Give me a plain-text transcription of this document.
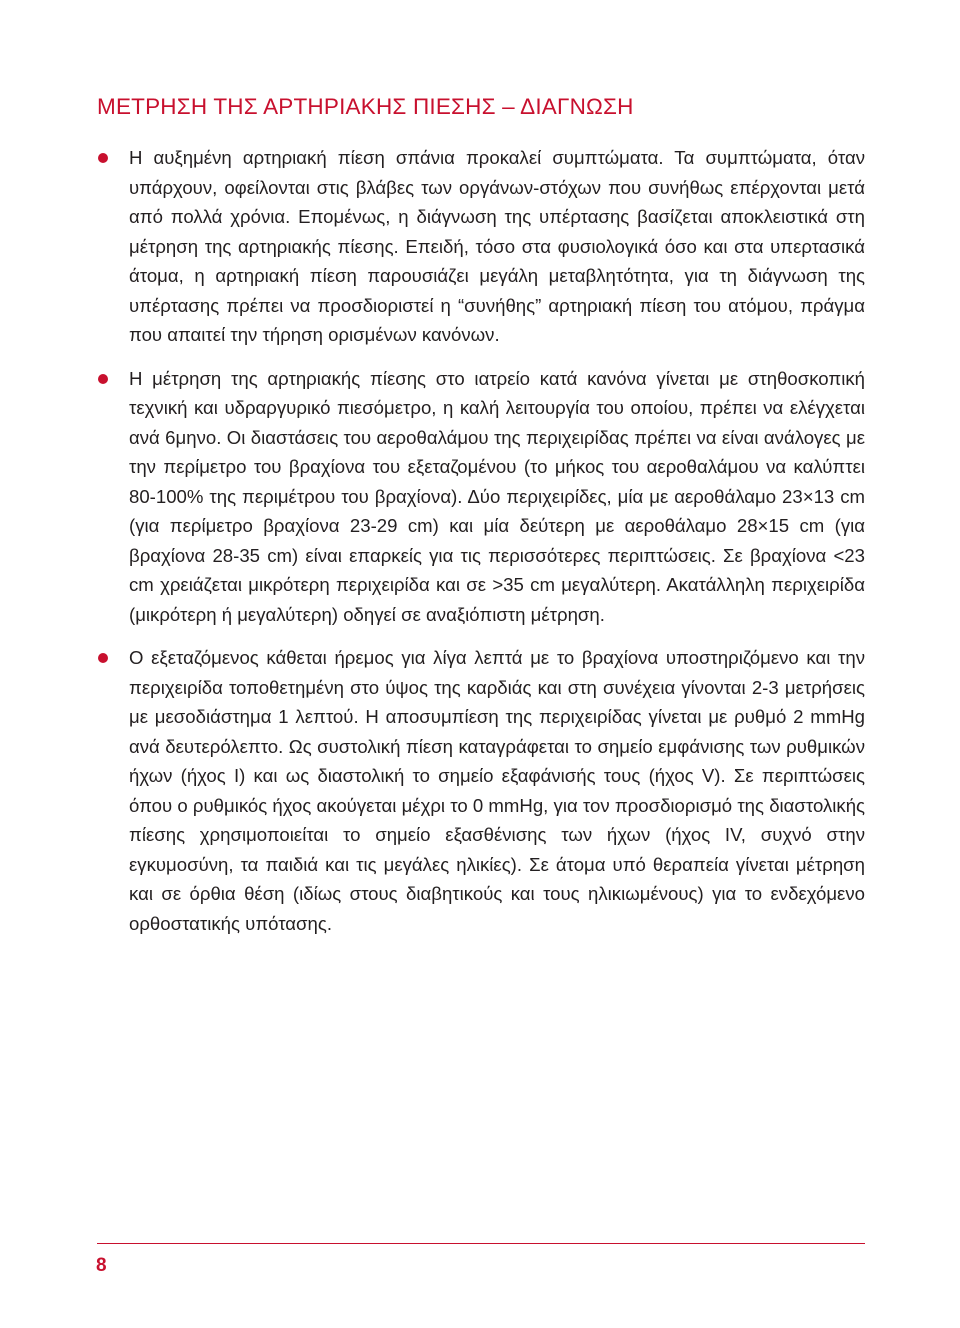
ΜΕΤΡΗΣΗ ΤΗΣ ΑΡΤΗΡΙΑΚΗΣ ΠΙΕΣΗΣ – ΔΙΑΓΝΩΣΗ

Η αυξημένη αρτηριακή πίεση σπάνια προκαλεί συμπτώματα. Τα συμπτώματα, όταν υπάρχουν, οφείλονται στις βλάβες των οργάνων-στόχων που συνήθως επέρχονται μετά από πολλά χρόνια. Επομένως, η διάγνωση της υπέρτασης βασίζεται αποκλειστικά στη μέτρηση της αρτηριακής πίεσης. Επειδή, τόσο στα φυσιολογικά όσο και στα υπερτασικά άτομα, η αρτηριακή πίεση παρουσιάζει μεγάλη μεταβλητότητα, για τη διάγνωση της υπέρτασης πρέπει να προσδιοριστεί η “συνήθης” αρτηριακή πίεση του ατόμου, πράγμα που απαιτεί την τήρηση ορισμένων κανόνων.

Η μέτρηση της αρτηριακής πίεσης στο ιατρείο κατά κανόνα γίνεται με στηθοσκοπική τεχνική και υδραργυρικό πιεσόμετρο, η καλή λειτουργία του οποίου, πρέπει να ελέγχεται ανά 6μηνο. Οι διαστάσεις του αεροθαλάμου της περιχειρίδας πρέπει να είναι ανάλογες με την περίμετρο του βραχίονα του εξεταζομένου (το μήκος του αεροθαλάμου να καλύπτει 80-100% της περιμέτρου του βραχίονα). Δύο περιχειρίδες, μία με αεροθάλαμο 23×13 cm (για περίμετρο βραχίονα 23-29 cm) και μία δεύτερη με αεροθάλαμο 28×15 cm (για βραχίονα 28-35 cm) είναι επαρκείς για τις περισσότερες περιπτώσεις. Σε βραχίονα <23 cm χρειάζεται μικρότερη περιχειρίδα και σε >35 cm μεγαλύτερη. Ακατάλληλη περιχειρίδα (μικρότερη ή μεγαλύτερη) οδηγεί σε αναξιόπιστη μέτρηση.

Ο εξεταζόμενος κάθεται ήρεμος για λίγα λεπτά με το βραχίονα υποστηριζόμενο και την περιχειρίδα τοποθετημένη στο ύψος της καρδιάς και στη συνέχεια γίνονται 2-3 μετρήσεις με μεσοδιάστημα 1 λεπτού. Η αποσυμπίεση της περιχειρίδας γίνεται με ρυθμό 2 mmHg ανά δευτερόλεπτο. Ως συστολική πίεση καταγράφεται το σημείο εμφάνισης των ρυθμικών ήχων (ήχος I) και ως διαστολική το σημείο εξαφάνισής τους (ήχος V). Σε περιπτώσεις όπου ο ρυθμικός ήχος ακούγεται μέχρι το 0 mmHg, για τον προσδιορισμό της διαστολικής πίεσης χρησιμοποιείται το σημείο εξασθένισης των ήχων (ήχος IV, συχνό στην εγκυμοσύνη, τα παιδιά και τις μεγάλες ηλικίες). Σε άτομα υπό θεραπεία γίνεται μέτρηση και σε όρθια θέση (ιδίως στους διαβητικούς και τους ηλικιωμένους) για το ενδεχόμενο ορθοστατικής υπότασης.

8
